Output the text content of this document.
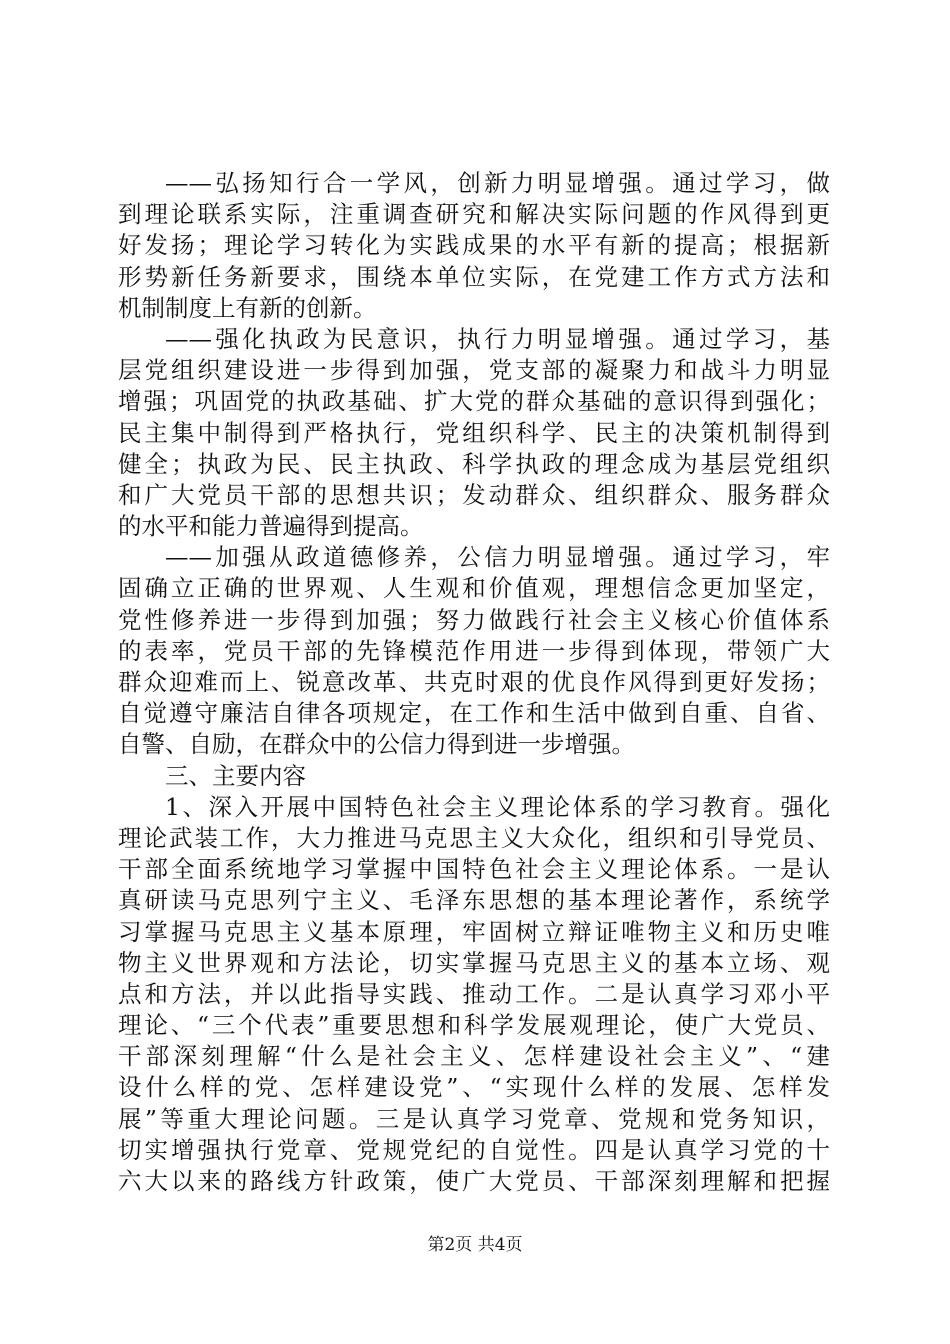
——弘扬知行合一学风，创新力明显增强。通过学习，做
到理论联系实际，注重调查研究和解决实际问题的作风得到更
好发扬；理论学习转化为实践成果的水平有新的提高；根据新
形势新任务新要求，围绕本单位实际，在党建工作方式方法和
机制制度上有新的创新。
——强化执政为民意识，执行力明显增强。通过学习，基
层党组织建设进一步得到加强，党支部的凝聚力和战斗力明显
增强；巩固党的执政基础、扩大党的群众基础的意识得到强化；
民主集中制得到严格执行，党组织科学、民主的决策机制得到
健全；执政为民、民主执政、科学执政的理念成为基层党组织
和广大党员干部的思想共识；发动群众、组织群众、服务群众
的水平和能力普遍得到提高。
——加强从政道德修养，公信力明显增强。通过学习，牢
固确立正确的世界观、人生观和价值观，理想信念更加坚定，
党性修养进一步得到加强；努力做践行社会主义核心价值体系
的表率，党员干部的先锋模范作用进一步得到体现，带领广大
群众迎难而上、锐意改革、共克时艰的优良作风得到更好发扬；
自觉遵守廉洁自律各项规定，在工作和生活中做到自重、自省、
自警、自励，在群众中的公信力得到进一步增强。
三、主要内容
1、深入开展中国特色社会主义理论体系的学习教育。强化
理论武装工作，大力推进马克思主义大众化，组织和引导党员、
干部全面系统地学习掌握中国特色社会主义理论体系。一是认
真研读马克思列宁主义、毛泽东思想的基本理论著作，系统学
习掌握马克思主义基本原理，牢固树立辩证唯物主义和历史唯
物主义世界观和方法论，切实掌握马克思主义的基本立场、观
点和方法，并以此指导实践、推动工作。二是认真学习邓小平
理论、“三个代表”重要思想和科学发展观理论，使广大党员、
干部深刻理解“什么是社会主义、怎样建设社会主义”、“建
设什么样的党、怎样建设党”、“实现什么样的发展、怎样发
展”等重大理论问题。三是认真学习党章、党规和党务知识，
切实增强执行党章、党规党纪的自觉性。四是认真学习党的十
六大以来的路线方针政策，使广大党员、干部深刻理解和把握
第2页 共4页
